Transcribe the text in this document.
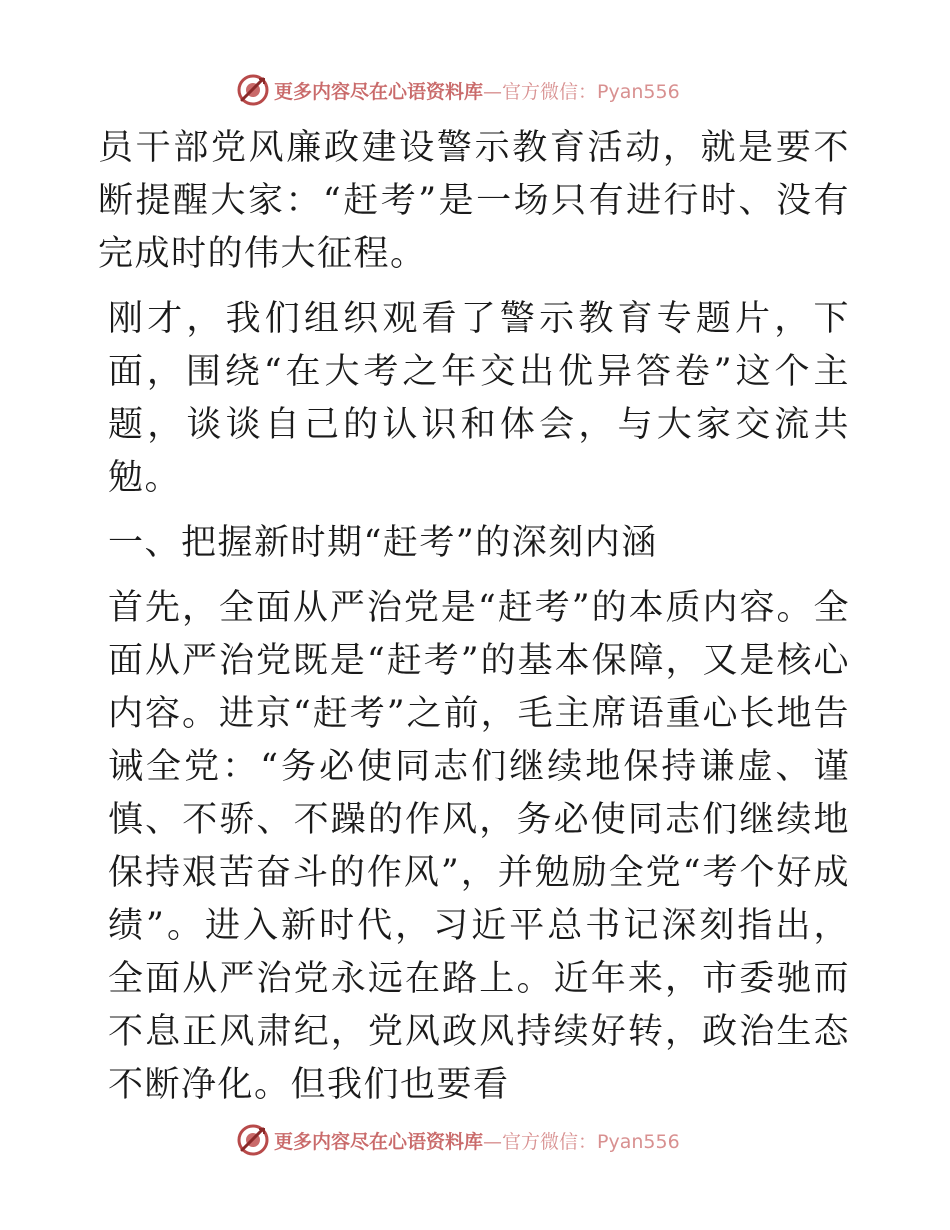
更多内容尽在心语资料库 —官方微信：Pyan556

员干部党风廉政建设警示教育活动，就是要不断提醒大家：“赶考”是一场只有进行时、没有完成时的伟大征程。

刚才，我们组织观看了警示教育专题片，下面，围绕“在大考之年交出优异答卷”这个主题，谈谈自己的认识和体会，与大家交流共勉。

一、把握新时期“赶考”的深刻内涵

首先，全面从严治党是“赶考”的本质内容。全面从严治党既是“赶考”的基本保障，又是核心内容。进京“赶考”之前，毛主席语重心长地告诫全党：“务必使同志们继续地保持谦虚、谨慎、不骄、不躁的作风，务必使同志们继续地保持艰苦奋斗的作风”，并勉励全党“考个好成绩”。进入新时代，习近平总书记深刻指出，全面从严治党永远在路上。近年来，市委驰而不息正风肃纪，党风政风持续好转，政治生态不断净化。但我们也要看

更多内容尽在心语资料库 —官方微信：Pyan556
